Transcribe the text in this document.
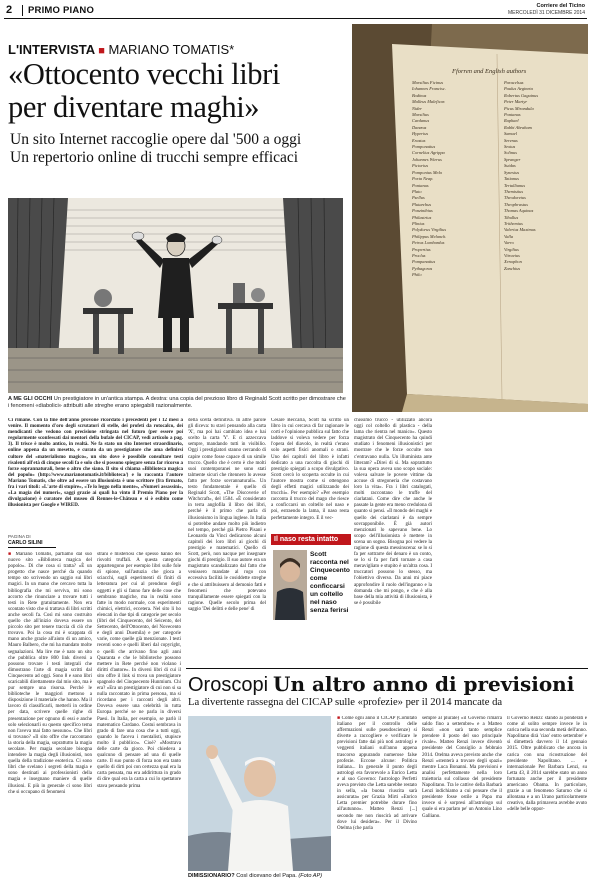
2 PRIMO PIANO	Corriere del Ticino
MERCOLEDÌ 31 DICEMBRE 2014
L'INTERVISTA ■ MARIANO TOMATIS*
«Ottocento vecchi libri
per diventare maghi»
Un sito Internet raccoglie opere dal '500 a oggi
Un repertorio online di trucchi sempre efficaci
A ME GLI OCCHI Un prestigiatore in un'antica stampa. A destra: una copia del prezioso libro di Reginald Scott scritto per dimostrare che i fenomeni «diabolici» attribuiti alle streghe erano spiegabili razionalmente.
Ci rimane. Con la fine dell'anno provone ricordato i precedenti per i 12 mesi a venire. Il momento d'oro degli scrutatori di stelle, dei profeti da rotocalco, dei mendicanti che vedono con precisione stringata nel futuro (per essere poi regolarmente sconfessati dai mentori della bufale del CICAP, vedi articolo a pag. 3). Il trisce è molto antico, in realtà. Ne fa stato un sito Internet straordinario, online appena da un mesetto, e curato da un prestigiatore che ama definirsi cultore del «materialismo magico», un sito dove è possibile consultare testi risalenti all'età di cinque secoli fa e solo che si possono spiegare senza far ricorso a forze soprannaturali, bene o altro che siano. Il sito si chiama «Biblioteca magica del popolo» (http://www.marianotomatis.it/biblioteca/) e lo racconta l'autore Mariano Tomatis, che oltre ad essere un illusionista è uno scrittore (fra firmato, fra i vari titoli: «L'arte di stupire», «Te lo leggo nella mente», «Numeri assassini», «La magia dei numeri», saggi grazie ai quali ha vinto il Premio Piano per la divulgazione) è curatore del museo di Rennes-le-Château e si è esibito come illusionista per Google e WIRED.
PAGINA DI
CARLO SILINI
■ Mariano Tomatis, partiamo dal suo nuovo sito «Biblioteca magica del popolo». Di che cosa si tratta? «È un progetto che nasce perché da quando tempo sto scrivendo un saggio sui libri magici. In un mano che cercavo tutta la bibliografia che mi serviva, mi sono accorto che rinunciare a trovare tutti i testi in Rete gratuitamente. Non era scontato visto che si trattava di libri scritti anche secoli fa. Così mi sono costruito quello che all'inizio doveva essere un piccolo sito per tenere traccia di ciò che trovavo. Poi la cosa mi è scappata di mano anche grazie all'aiuto di un amico, Mauro Balbero, che mi ha mandato molte segnalazioni. Ma lire me è nato un sito che pubblica oltre 800 link diversi a possono trovare i testi integrali che dimostrano l'arte di magia scritti dal Cinquecento ad oggi. Sono 8 e sono libri scaricabili direttamente dal mio sito, ma è pur sempre una risorsa. Perché le biblioteche le maggiori mettono a disposizione il materiale che hanno. Ma il lavoro di classificarli, metterli in ordine per data, scrivere quelle righe di presentazione per ognuno di essi e anche solo selezionarli su questo specifico tema non l'aveva mai fatto nessuno». Che libri si trovano? «Il sito offre che raccontano la storia della magia, soprattutto la magia secolare. Per magia secolare bisogna intendere la magia degli illusionisti, non quella della tradizione esoterica. Ci sono libri che svelano i segreti della magia e sono destinati ai professionisti della magia e insegnano maniere di quelle illusioni. E più in generale ci sono libri che si occupano di fenomeni
strani e misteriosi che spesso hanno dei risvolti truffali. A questa categoria appartengono per esempio libri sulle fole di spione, sull'astuzia che gioca a sciacchi, sugli esperimenti di finiti di letteratura per cui al prendono degli oggetti e gli si fanno fare delle cose che sembrano magiche, ma in realtà sono fatte in modo normale, con esperimenti chimici, elettrici, eccetera. Nel sito li ho elencati in due tipi di categorie per secolo (libri del Cinquecento, del Seicento, del Settecento, dell'Ottocento, del Novecento e degli anni Duemila) e per categorie varie, come quelle già menzionate. I testi recenti sono e quelli liberi dal copyright, o quelli che arrivano fino agli anni Quaranta e che le biblioteche possono mettere in Rete perché non violano i diritti d'autore». In diversi libri di cui il sito offre il link si trova un prestigiatore spagnolo del Cinquecento Hunmium. Chi era? «Era un prestigiatore di cui non si sa nulla raccontato in prima persona, ma si ricordano per i racconti degli altri. Doveva essere una celebrità in tutta Europa perché se ne parla in diversi Paesi. In Italia, per esempio, se parlò il matematico Cardano. Costui sembrava in grado di fare una cosa che a tutti oggi, quando lo faceva i mentalisti, stupisce molto il pubblico». Cioè? «Mostrava delle carte da gioco. Poi chiedeva a qualcuno di pensare ad una di quelle carte. Il suo punto di forza non era tanto quello di dirti poi con certezza qual era la carta pensata, ma era addirittura in grado di dire qual era la carta a cui lo spettatore stava pensando prima
della scelta definitiva. In altre parole gli diceva: tu stavi pensando alla carta 'X', ma poi hai cambiato idea e hai scelto la carta 'Y'. E ci azzeccava sempre, mandando tutti in visibilio. Oggi i prestigiatori stanno cercando di capire come fosse capace di un simile trucco. Quello che è certo è che molti suoi contemporanei ne sono stati talmente sicuri che ritennero lo avesse fatto per forze sovrannaturali». Un testo fondamentale è quello di Reginald Scott, «The Discoverie of Witchcraft», del 1584. «È considerato in terra anglofila il libro dei libri, perché è il primo che parla di illusionismo in lingua inglese. In Italia si potrebbe andare molto più indietro nel tempo, perché già Pietro Pisani e Leonardo da Vinci dedicarono alcuni capitoli dei loro libri ai giochi di prestigio e matematici. Quello di Scott, però, non nacque per insegnare giochi di prestigio. Il suo autore era un magistrato scandalizzato dal fatto che venissero mandate al rogo con eccessiva facilità le cosiddette streghe e che si attribuissero al demonio fatti e fenomeni che potevano tranquillamente essere spiegati con la ragione. Quelle secolo prima del saggio 'Dei delitti e delle pene' di
Cesare Beccaria, Scott ha scritto un libro in cui cercava di far ragionare le corti e l'opinione pubblica sul fatto che laddove si voleva vedere per forza l'opera del diavolo, in realtà c'erano solo aspetti fisici anomali o strani. Uno dei capitoli del libro è infatti dedicato a una raccolta di giochi di prestigio spiegati a scopo divulgativo. Scott cercò lo scoperta occulte in cui l'autore mostra come si ottengono degli effetti magici utilizzando dei trucchi». Per esempio? «Per esempio racconta il trucco del mago che riesce a conficcarsi un coltello nel naso e poi, estraendo la lama, il naso resta perfettamente integro. E il vec-
chissimo trucco - utilizzato ancora oggi col coltello di plastica - della lama che rientra nel manico». Questo magistrato del Cinquecento ha quindi studiato i fenomeni illusionistici per mostrare che le forze occulte non c'entravano nulla. Un illuminista ante litteram? «Direi di sì. Ma soprattutto la sua opera aveva uno scopo sociale: voleva salvare le povere vittime da accuse di stregoneria che costavano loro la vita». Fra i libri catalogati, molti raccontano le truffe del ciarlatani. Come dire che anche le passate la gente era meno credulona di quanto si pensi. «Il mondo dei maghi e quello dei ciarlatani è da sempre sovrapponibile. È già autori menzionati lo sapevano bene. Lo scopo dell'illusionista è mettere in scena un sogno. Bisogna poi vedere la ragione di questa messinscena: se lo si fa per sottrarre dei denaro è un conto, se lo si fa per farti tornare a casa meravigliato e stupito è un'altra cosa. I truccatori possono lo stesso, ma l'obiettivo diverso. Da anni mi piace approfondire il ruolo dell'inganno e la domanda che mi pongo, e che è alla base della mia attività di illusionista, è se è possibile
Il naso resta intatto
Scott racconta nel Cinquecento come conficcarsi un coltello nel naso senza ferirsi
Fforren and English authors
Marsilius Ficinus
Iohannes Francisc.
Bodinus
Malleus Maleficar.
Nider
Marsilius
Cardanus
Danæus
Hyperius
Erastus
Pomponatius
Cornelius Agrippa
Johannes Wierus
Pictorius
Pomponius Mela
Porta Neap.
Pontanus
Plato
Psellus
Plutarchus
Ponzinibius
Philastrius
Plinius
Polydorus Virgilius
Philippus Melanch.
Petrus Lombardus
Propertius
Proclus
Pompanatius
Pythagoras
Philo
Paracelsus
Paulus Aegineta
Robertus Gaguinus
Peter Martyr
Picus Mirandula
Pontanus
Raphael
Rabbi Abraham
Samuel
Serenus
Sextus
Solinus
Spranger
Suidas
Synesius
Tatianus
Tertullianus
Themistius
Theodoretus
Theophrastus
Thomas Aquinas
Tibullus
Trithemius
Valerius Maximus
Valla
Varro
Virgilius
Vitruvius
Xenophon
Zanchius
Oroscopi Un altro anno di previsioni
La divertente rassegna del CICAP sulle «profezie» per il 2014 mancate da
DIMISSIONARIO? Così dicevano del Papa. (Foto AP)
■ Come ogni anno il CICAP (Comitato italiano per il controllo delle affermazioni sulle pseudoscienze) si diverte a raccogliere e verificare le previsioni fatte dai più noti astrologi e veggenti italiani sull'anno appena trascorso appurando numerose false profezie. Eccone alcune: Politica italiana... In generale il punto degli astrologi era favorevole a Enrico Letta e al suo Governo: l'astrologo Perfetti aveva previsto che Letta sarebbe restato in sella, «la buona riuscita sarà assicurata» per Grazia Mirti «Enrico Letta premier potrebbe durare fino all'autunno». Matteo Renzi [...] secondo me non riuscirà ad arrivare dove lui desidera». Per il Divino Otelma (che parla
sempre al plurale) «il Governo rimarrà saldo fino a settembre» e a Matteo Renzi «non sarà tanto semplice prendere il posto del suo principale rivale». Matteo Renzi invece diventò presidente del Consiglio a febbraio 2014. Otelma aveva previsto anche che Renzi «stenterà a trovare degli spazi» mentre Luca Bonanni. Ma previsioni e analisi perfettamente nella loro traiettoria sul collasso del presidente Napolitano. Tra le cattive della Barbarà Lenzi indichiamo a cui pensare che il presidente fosse ostile a Papa ma invece si è sorpresi all'astrologo sul quale si era parlato pe' un Antonio Lino Galliano.
ll Governo Renzi: stando ai ponderati e come al solito sempre invece le in carica nella sua seconda metà dell'anno. Napolitano dirà 'ciao' entro settembre' e si dimetterà davvero il 14 gennaio 2015. Oltre pubblicato che ancora in carica con una ricostruzione del presidente Napolitano. ... e internazionale Per Barbara Lenzi, su Letta 43, il 2014 sarebbe stato un anno fortunato anche per il presidente americano Obama. In particolare, grazie a un fenomeno Saturno che si allontana e a un Urano particolarmente creativo, dalla primavera avrebbe avuto «delle belle oppor-
